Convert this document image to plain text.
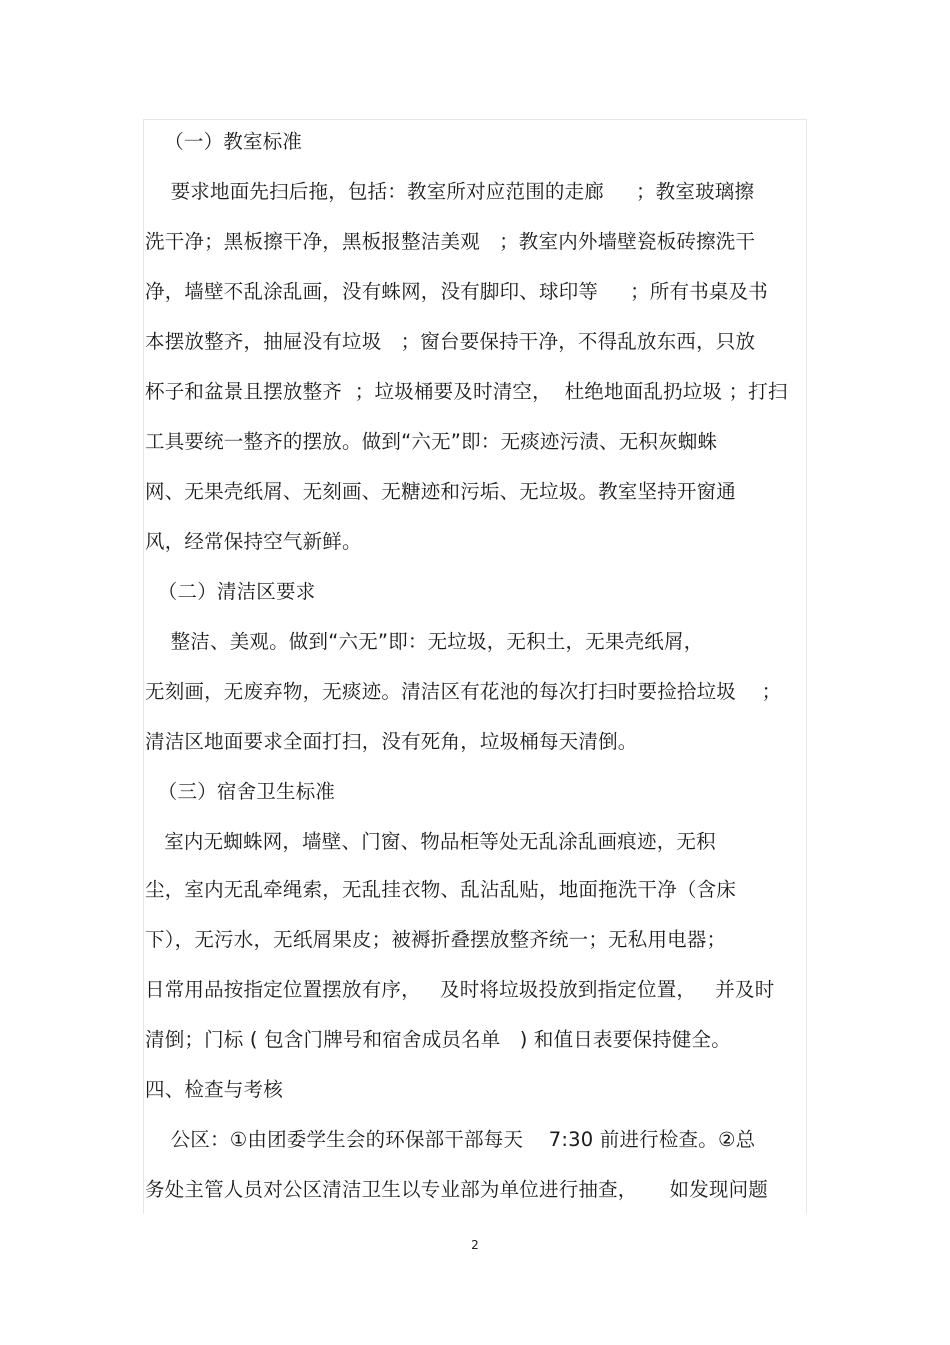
（一）教室标准
要求地面先扫后拖，包括：教室所对应范围的走廊     ；教室玻璃擦
洗干净；黑板擦干净，黑板报整洁美观   ；教室内外墙壁瓷板砖擦洗干
净，墙壁不乱涂乱画，没有蛛网，没有脚印、球印等     ；所有书桌及书
本摆放整齐，抽屉没有垃圾   ；窗台要保持干净，不得乱放东西，只放
杯子和盆景且摆放整齐  ；垃圾桶要及时清空，  杜绝地面乱扔垃圾 ；打扫
工具要统一整齐的摆放。做到“六无”即：无痰迹污渍、无积灰蜘蛛
网、无果壳纸屑、无刻画、无糖迹和污垢、无垃圾。教室坚持开窗通
风，经常保持空气新鲜。
（二）清洁区要求
整洁、美观。做到“六无”即：无垃圾，无积土，无果壳纸屑，
无刻画，无废弃物，无痰迹。清洁区有花池的每次打扫时要捡拾垃圾    ；
清洁区地面要求全面打扫，没有死角，垃圾桶每天清倒。
（三）宿舍卫生标准
室内无蜘蛛网，墙壁、门窗、物品柜等处无乱涂乱画痕迹，无积
尘，室内无乱牵绳索，无乱挂衣物、乱沾乱贴，地面拖洗干净（含床
下），无污水，无纸屑果皮；被褥折叠摆放整齐统一；无私用电器；
日常用品按指定位置摆放有序，   及时将垃圾投放到指定位置，   并及时
清倒；门标 ( 包含门牌号和宿舍成员名单   ) 和值日表要保持健全。
四、检查与考核
公区：①由团委学生会的环保部干部每天    7:30 前进行检查。②总
务处主管人员对公区清洁卫生以专业部为单位进行抽查，     如发现问题
2
